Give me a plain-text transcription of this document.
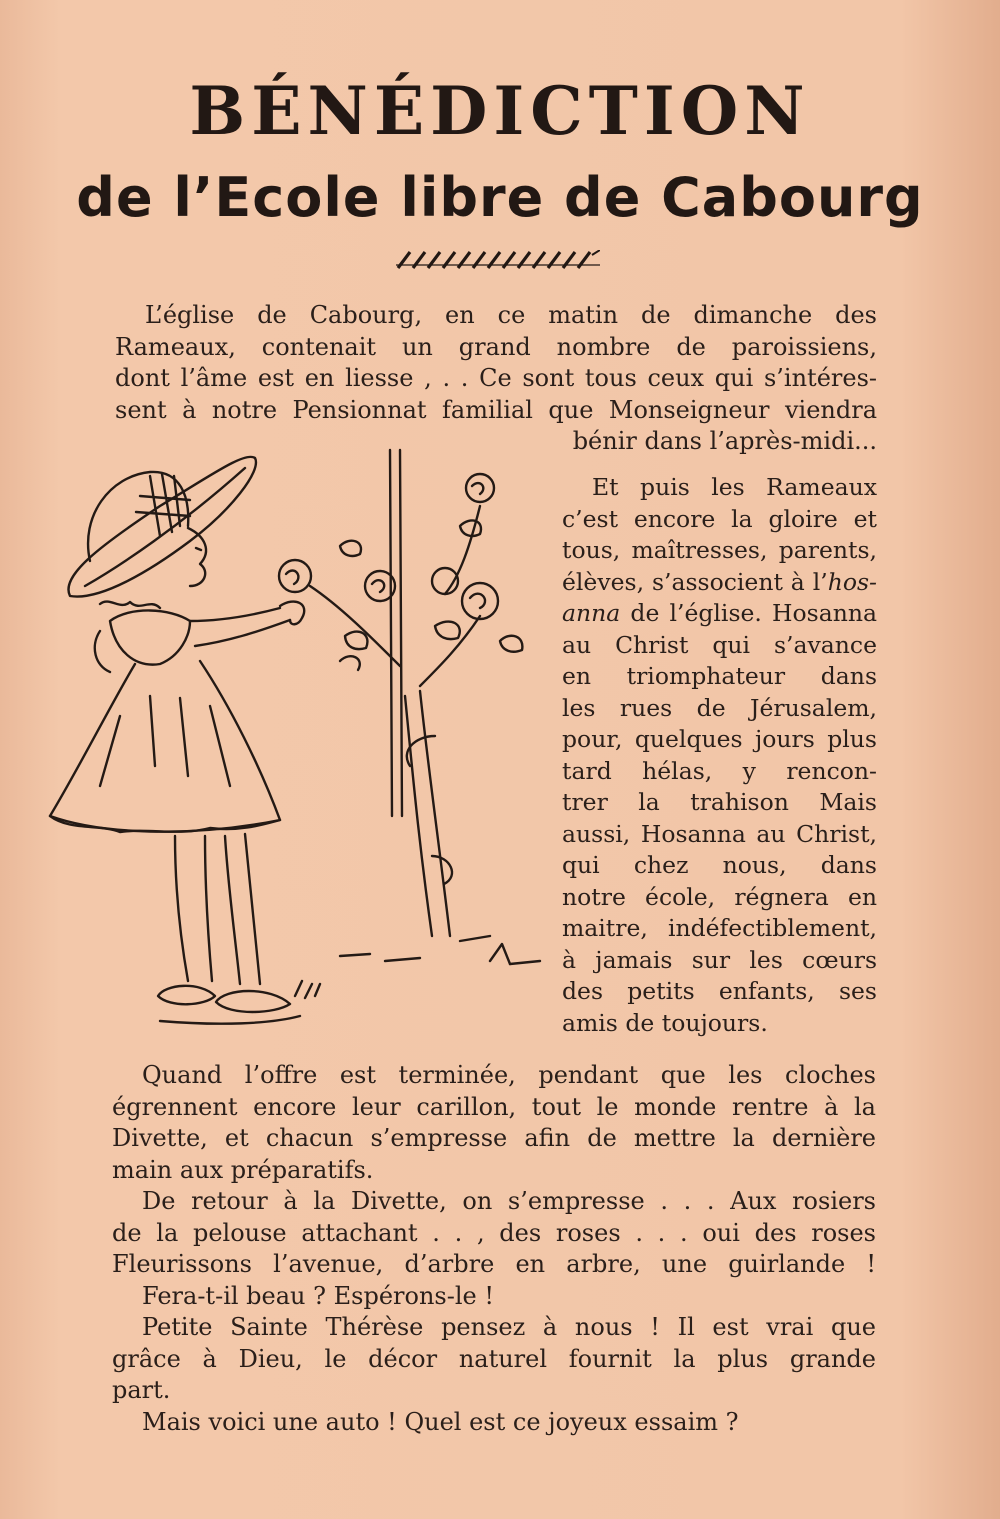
BÉNÉDICTION
de l’Ecole libre de Cabourg
L’église de Cabourg, en ce matin de dimanche des
Rameaux, contenait un grand nombre de paroissiens,
dont l’âme est en liesse , . . Ce sont tous ceux qui s’intéres-
sent à notre Pensionnat familial que Monseigneur viendra
bénir dans l’après-midi...
Et puis les Rameaux
c’est encore la gloire et
tous, maîtresses, parents,
élèves, s’associent à l’hos-
anna de l’église. Hosanna
au Christ qui s’avance
en triomphateur dans
les rues de Jérusalem,
pour, quelques jours plus
tard hélas, y rencon-
trer la trahison Mais
aussi, Hosanna au Christ,
qui chez nous, dans
notre école, régnera en
maitre, indéfectiblement,
à jamais sur les cœurs
des petits enfants, ses
amis de toujours.
Quand l’offre est terminée, pendant que les cloches
égrennent encore leur carillon, tout le monde rentre à la
Divette, et chacun s’empresse afin de mettre la dernière
main aux préparatifs.
De retour à la Divette, on s’empresse . . . Aux rosiers
de la pelouse attachant . . , des roses . . . oui des roses
Fleurissons l’avenue, d’arbre en arbre, une guirlande !
Fera-t-il beau ? Espérons-le !
Petite Sainte Thérèse pensez à nous ! Il est vrai que
grâce à Dieu, le décor naturel fournit la plus grande
part.
Mais voici une auto ! Quel est ce joyeux essaim ?
